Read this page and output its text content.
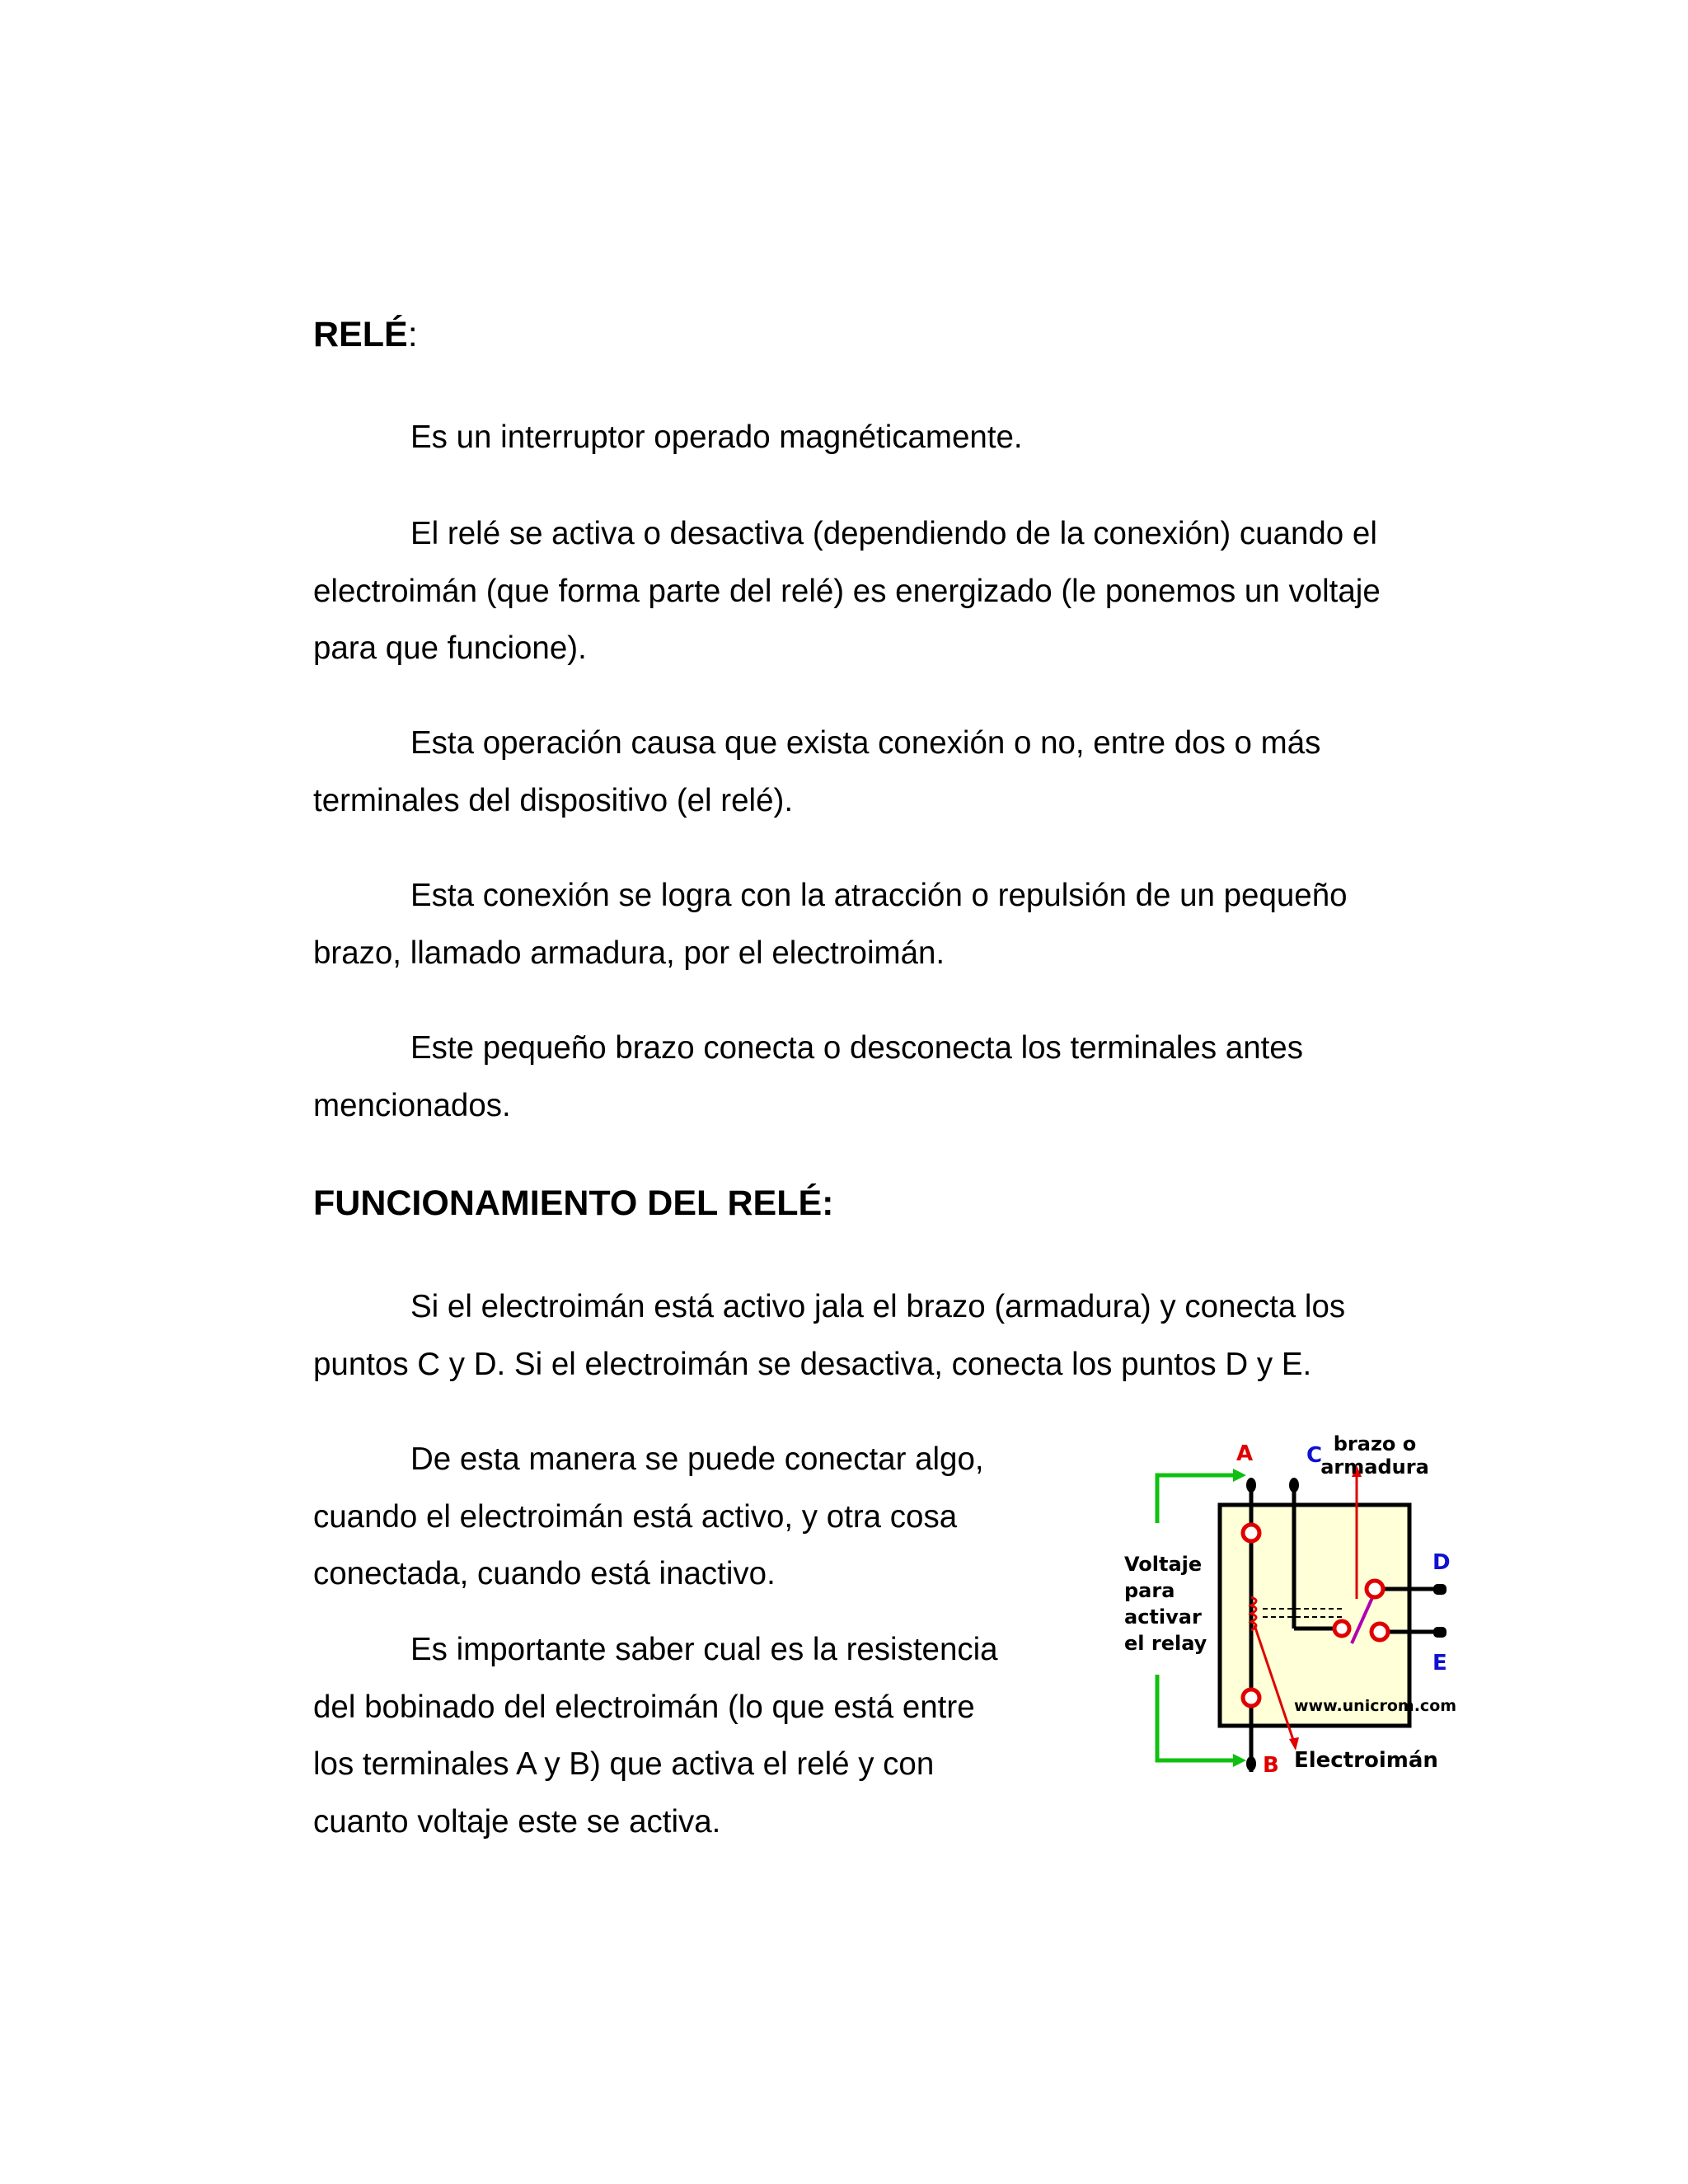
RELÉ:

Es un interruptor operado magnéticamente.

El relé se activa o desactiva (dependiendo de la conexión) cuando el
electroimán (que forma parte del relé) es energizado (le ponemos un voltaje
para que funcione).

Esta operación causa que exista conexión o no, entre dos o más
terminales del dispositivo (el relé).

Esta conexión se logra con la atracción o repulsión de un pequeño
brazo, llamado armadura, por el electroimán.

Este pequeño brazo conecta o desconecta los terminales antes
mencionados.

FUNCIONAMIENTO DEL RELÉ:

Si el electroimán está activo jala el brazo (armadura) y conecta los
puntos C y D. Si el electroimán se desactiva, conecta los puntos D y E.

De esta manera se puede conectar algo,
cuando el electroimán está activo, y otra cosa
conectada, cuando está inactivo.

Es importante saber cual es la resistencia
del bobinado del electroimán (lo que está entre
los terminales A y B) que activa el relé y con
cuanto voltaje este se activa.

A C
D
E
B
brazo o
armadura
Voltaje
para
activar
el relay
www.unicrom.com
Electroimán
